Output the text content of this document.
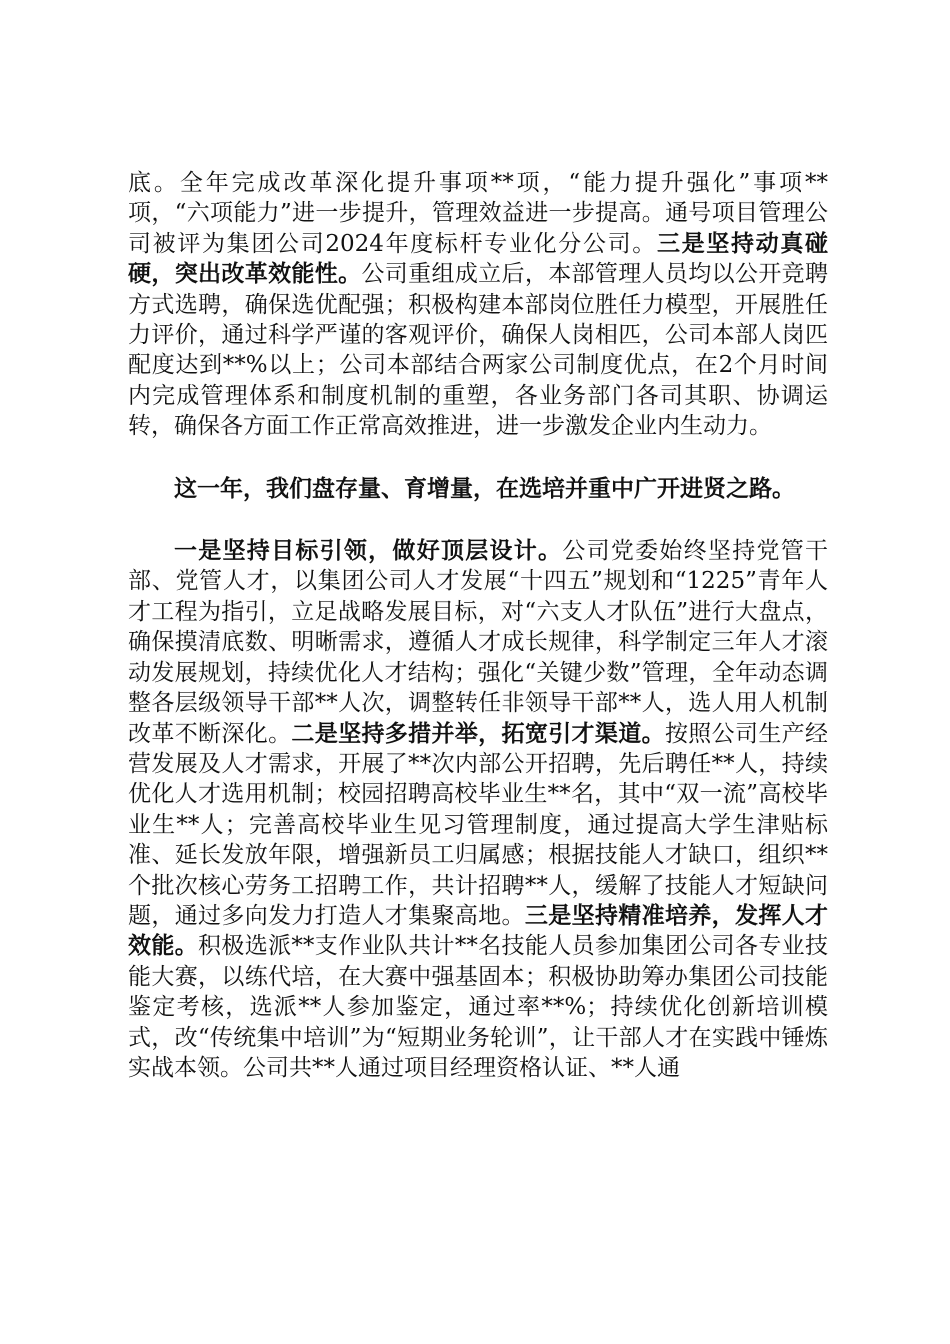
底。全年完成改革深化提升事项**项，“能力提升强化”事项**项，“六项能力”进一步提升，管理效益进一步提高。通号项目管理公司被评为集团公司2024年度标杆专业化分公司。三是坚持动真碰硬，突出改革效能性。公司重组成立后，本部管理人员均以公开竞聘方式选聘，确保选优配强；积极构建本部岗位胜任力模型，开展胜任力评价，通过科学严谨的客观评价，确保人岗相匹，公司本部人岗匹配度达到**%以上；公司本部结合两家公司制度优点，在2个月时间内完成管理体系和制度机制的重塑，各业务部门各司其职、协调运转，确保各方面工作正常高效推进，进一步激发企业内生动力。

这一年，我们盘存量、育增量，在选培并重中广开进贤之路。

一是坚持目标引领，做好顶层设计。公司党委始终坚持党管干部、党管人才，以集团公司人才发展“十四五”规划和“1225”青年人才工程为指引，立足战略发展目标，对“六支人才队伍”进行大盘点，确保摸清底数、明晰需求，遵循人才成长规律，科学制定三年人才滚动发展规划，持续优化人才结构；强化“关键少数”管理，全年动态调整各层级领导干部**人次，调整转任非领导干部**人，选人用人机制改革不断深化。二是坚持多措并举，拓宽引才渠道。按照公司生产经营发展及人才需求，开展了**次内部公开招聘，先后聘任**人，持续优化人才选用机制；校园招聘高校毕业生**名，其中“双一流”高校毕业生**人；完善高校毕业生见习管理制度，通过提高大学生津贴标准、延长发放年限，增强新员工归属感；根据技能人才缺口，组织**个批次核心劳务工招聘工作，共计招聘**人，缓解了技能人才短缺问题，通过多向发力打造人才集聚高地。三是坚持精准培养，发挥人才效能。积极选派**支作业队共计**名技能人员参加集团公司各专业技能大赛，以练代培，在大赛中强基固本；积极协助筹办集团公司技能鉴定考核，选派**人参加鉴定，通过率**%；持续优化创新培训模式，改“传统集中培训”为“短期业务轮训”，让干部人才在实践中锤炼实战本领。公司共**人通过项目经理资格认证、**人通
